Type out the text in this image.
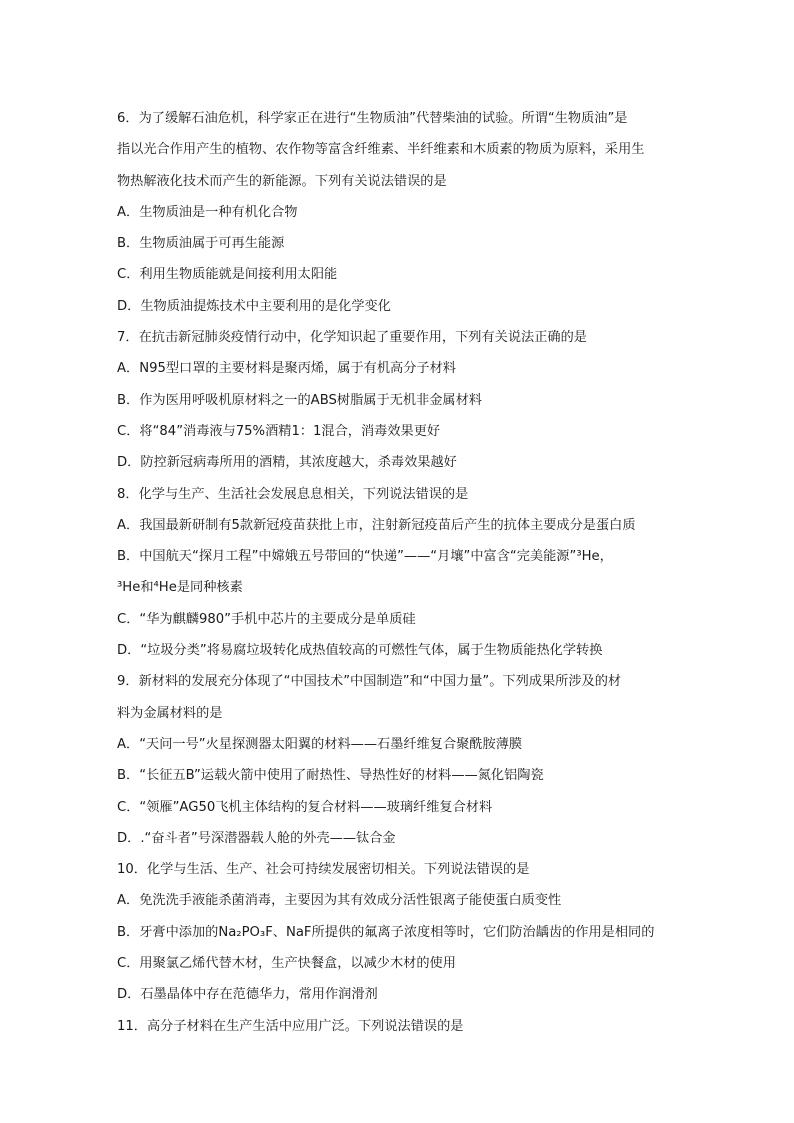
6．为了缓解石油危机，科学家正在进行“生物质油”代替柴油的试验。所谓“生物质油”是
指以光合作用产生的植物、农作物等富含纤维素、半纤维素和木质素的物质为原料，采用生
物热解液化技术而产生的新能源。下列有关说法错误的是
A．生物质油是一种有机化合物
B．生物质油属于可再生能源
C．利用生物质能就是间接利用太阳能
D．生物质油提炼技术中主要利用的是化学变化
7．在抗击新冠肺炎疫情行动中，化学知识起了重要作用，下列有关说法正确的是
A．N95型口罩的主要材料是聚丙烯，属于有机高分子材料
B．作为医用呼吸机原材料之一的ABS树脂属于无机非金属材料
C．将“84”消毒液与75%酒精1：1混合，消毒效果更好
D．防控新冠病毒所用的酒精，其浓度越大，杀毒效果越好
8．化学与生产、生活社会发展息息相关，下列说法错误的是
A．我国最新研制有5款新冠疫苗获批上市，注射新冠疫苗后产生的抗体主要成分是蛋白质
B．中国航天“探月工程”中嫦娥五号带回的“快递”——“月壤”中富含“完美能源”³He，
³He和⁴He是同种核素
C．“华为麒麟980”手机中芯片的主要成分是单质硅
D．“垃圾分类”将易腐垃圾转化成热值较高的可燃性气体，属于生物质能热化学转换
9．新材料的发展充分体现了“中国技术”中国制造”和“中国力量”。下列成果所涉及的材
料为金属材料的是
A．“天问一号”火星探测器太阳翼的材料——石墨纤维复合聚酰胺薄膜
B．“长征五B”运载火箭中使用了耐热性、导热性好的材料——氮化铝陶瓷
C．“领雁”AG50飞机主体结构的复合材料——玻璃纤维复合材料
D．.“奋斗者”号深潜器载人舱的外壳——钛合金
10．化学与生活、生产、社会可持续发展密切相关。下列说法错误的是
A．免洗洗手液能杀菌消毒，主要因为其有效成分活性银离子能使蛋白质变性
B．牙膏中添加的Na₂PO₃F、NaF所提供的氟离子浓度相等时，它们防治龋齿的作用是相同的
C．用聚氯乙烯代替木材，生产快餐盒，以减少木材的使用
D．石墨晶体中存在范德华力，常用作润滑剂
11．高分子材料在生产生活中应用广泛。下列说法错误的是
